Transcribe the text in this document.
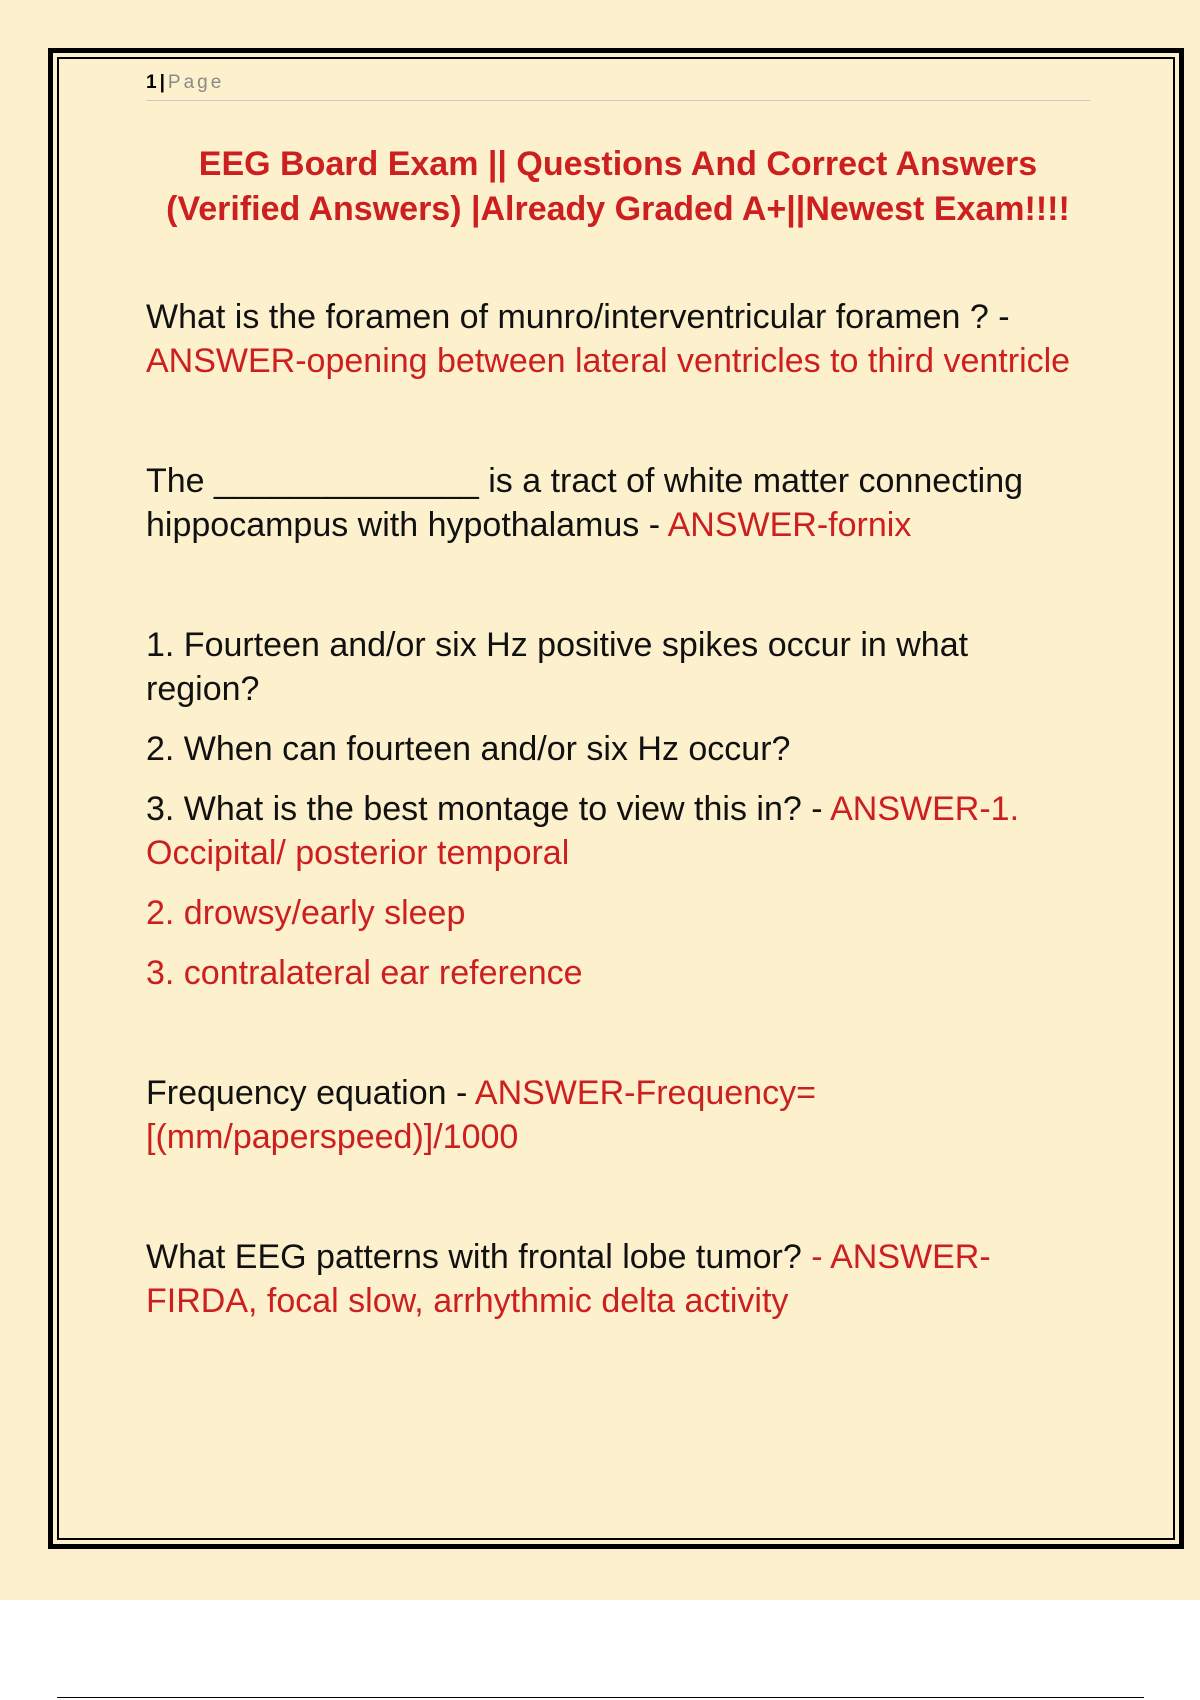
1 | Page
EEG Board Exam || Questions And Correct Answers (Verified Answers) |Already Graded A+||Newest Exam!!!!

What is the foramen of munro/interventricular foramen ? - ANSWER-opening between lateral ventricles to third ventricle

The ______________ is a tract of white matter connecting hippocampus with hypothalamus - ANSWER-fornix

1. Fourteen and/or six Hz positive spikes occur in what region?

2. When can fourteen and/or six Hz occur?

3. What is the best montage to view this in? - ANSWER-1. Occipital/ posterior temporal

2. drowsy/early sleep

3. contralateral ear reference

Frequency equation - ANSWER-Frequency=[(mm/paperspeed)]/1000

What EEG patterns with frontal lobe tumor? - ANSWER-FIRDA, focal slow, arrhythmic delta activity
